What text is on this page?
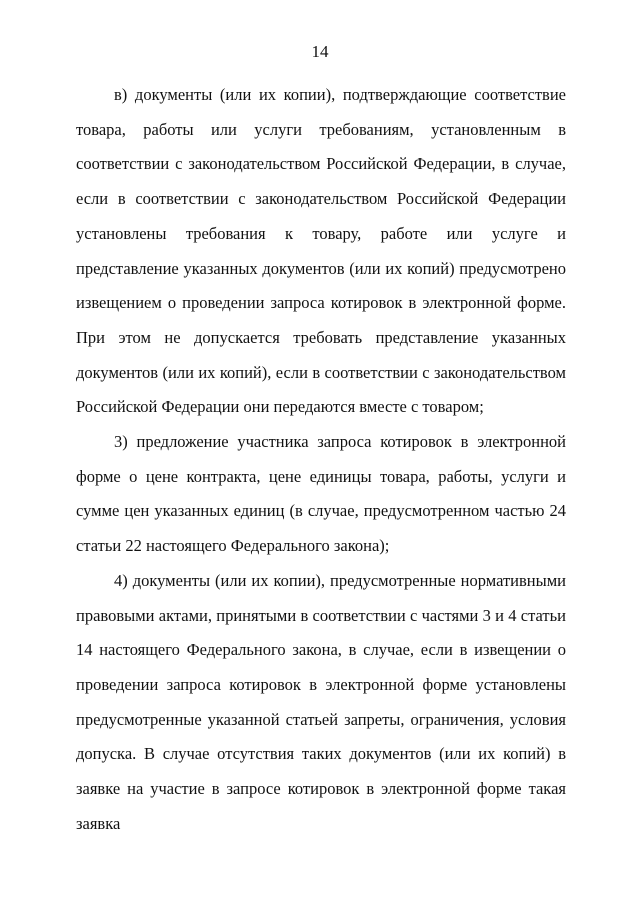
14

в) документы (или их копии), подтверждающие соответствие товара, работы или услуги требованиям, установленным в соответствии с законодательством Российской Федерации, в случае, если в соответствии с законодательством Российской Федерации установлены требования к товару, работе или услуге и представление указанных документов (или их копий) предусмотрено извещением о проведении запроса котировок в электронной форме. При этом не допускается требовать представление указанных документов (или их копий), если в соответствии с законодательством Российской Федерации они передаются вместе с товаром;

3) предложение участника запроса котировок в электронной форме о цене контракта, цене единицы товара, работы, услуги и сумме цен указанных единиц (в случае, предусмотренном частью 24 статьи 22 настоящего Федерального закона);

4) документы (или их копии), предусмотренные нормативными правовыми актами, принятыми в соответствии с частями 3 и 4 статьи 14 настоящего Федерального закона, в случае, если в извещении о проведении запроса котировок в электронной форме установлены предусмотренные указанной статьей запреты, ограничения, условия допуска. В случае отсутствия таких документов (или их копий) в заявке на участие в запросе котировок в электронной форме такая заявка
